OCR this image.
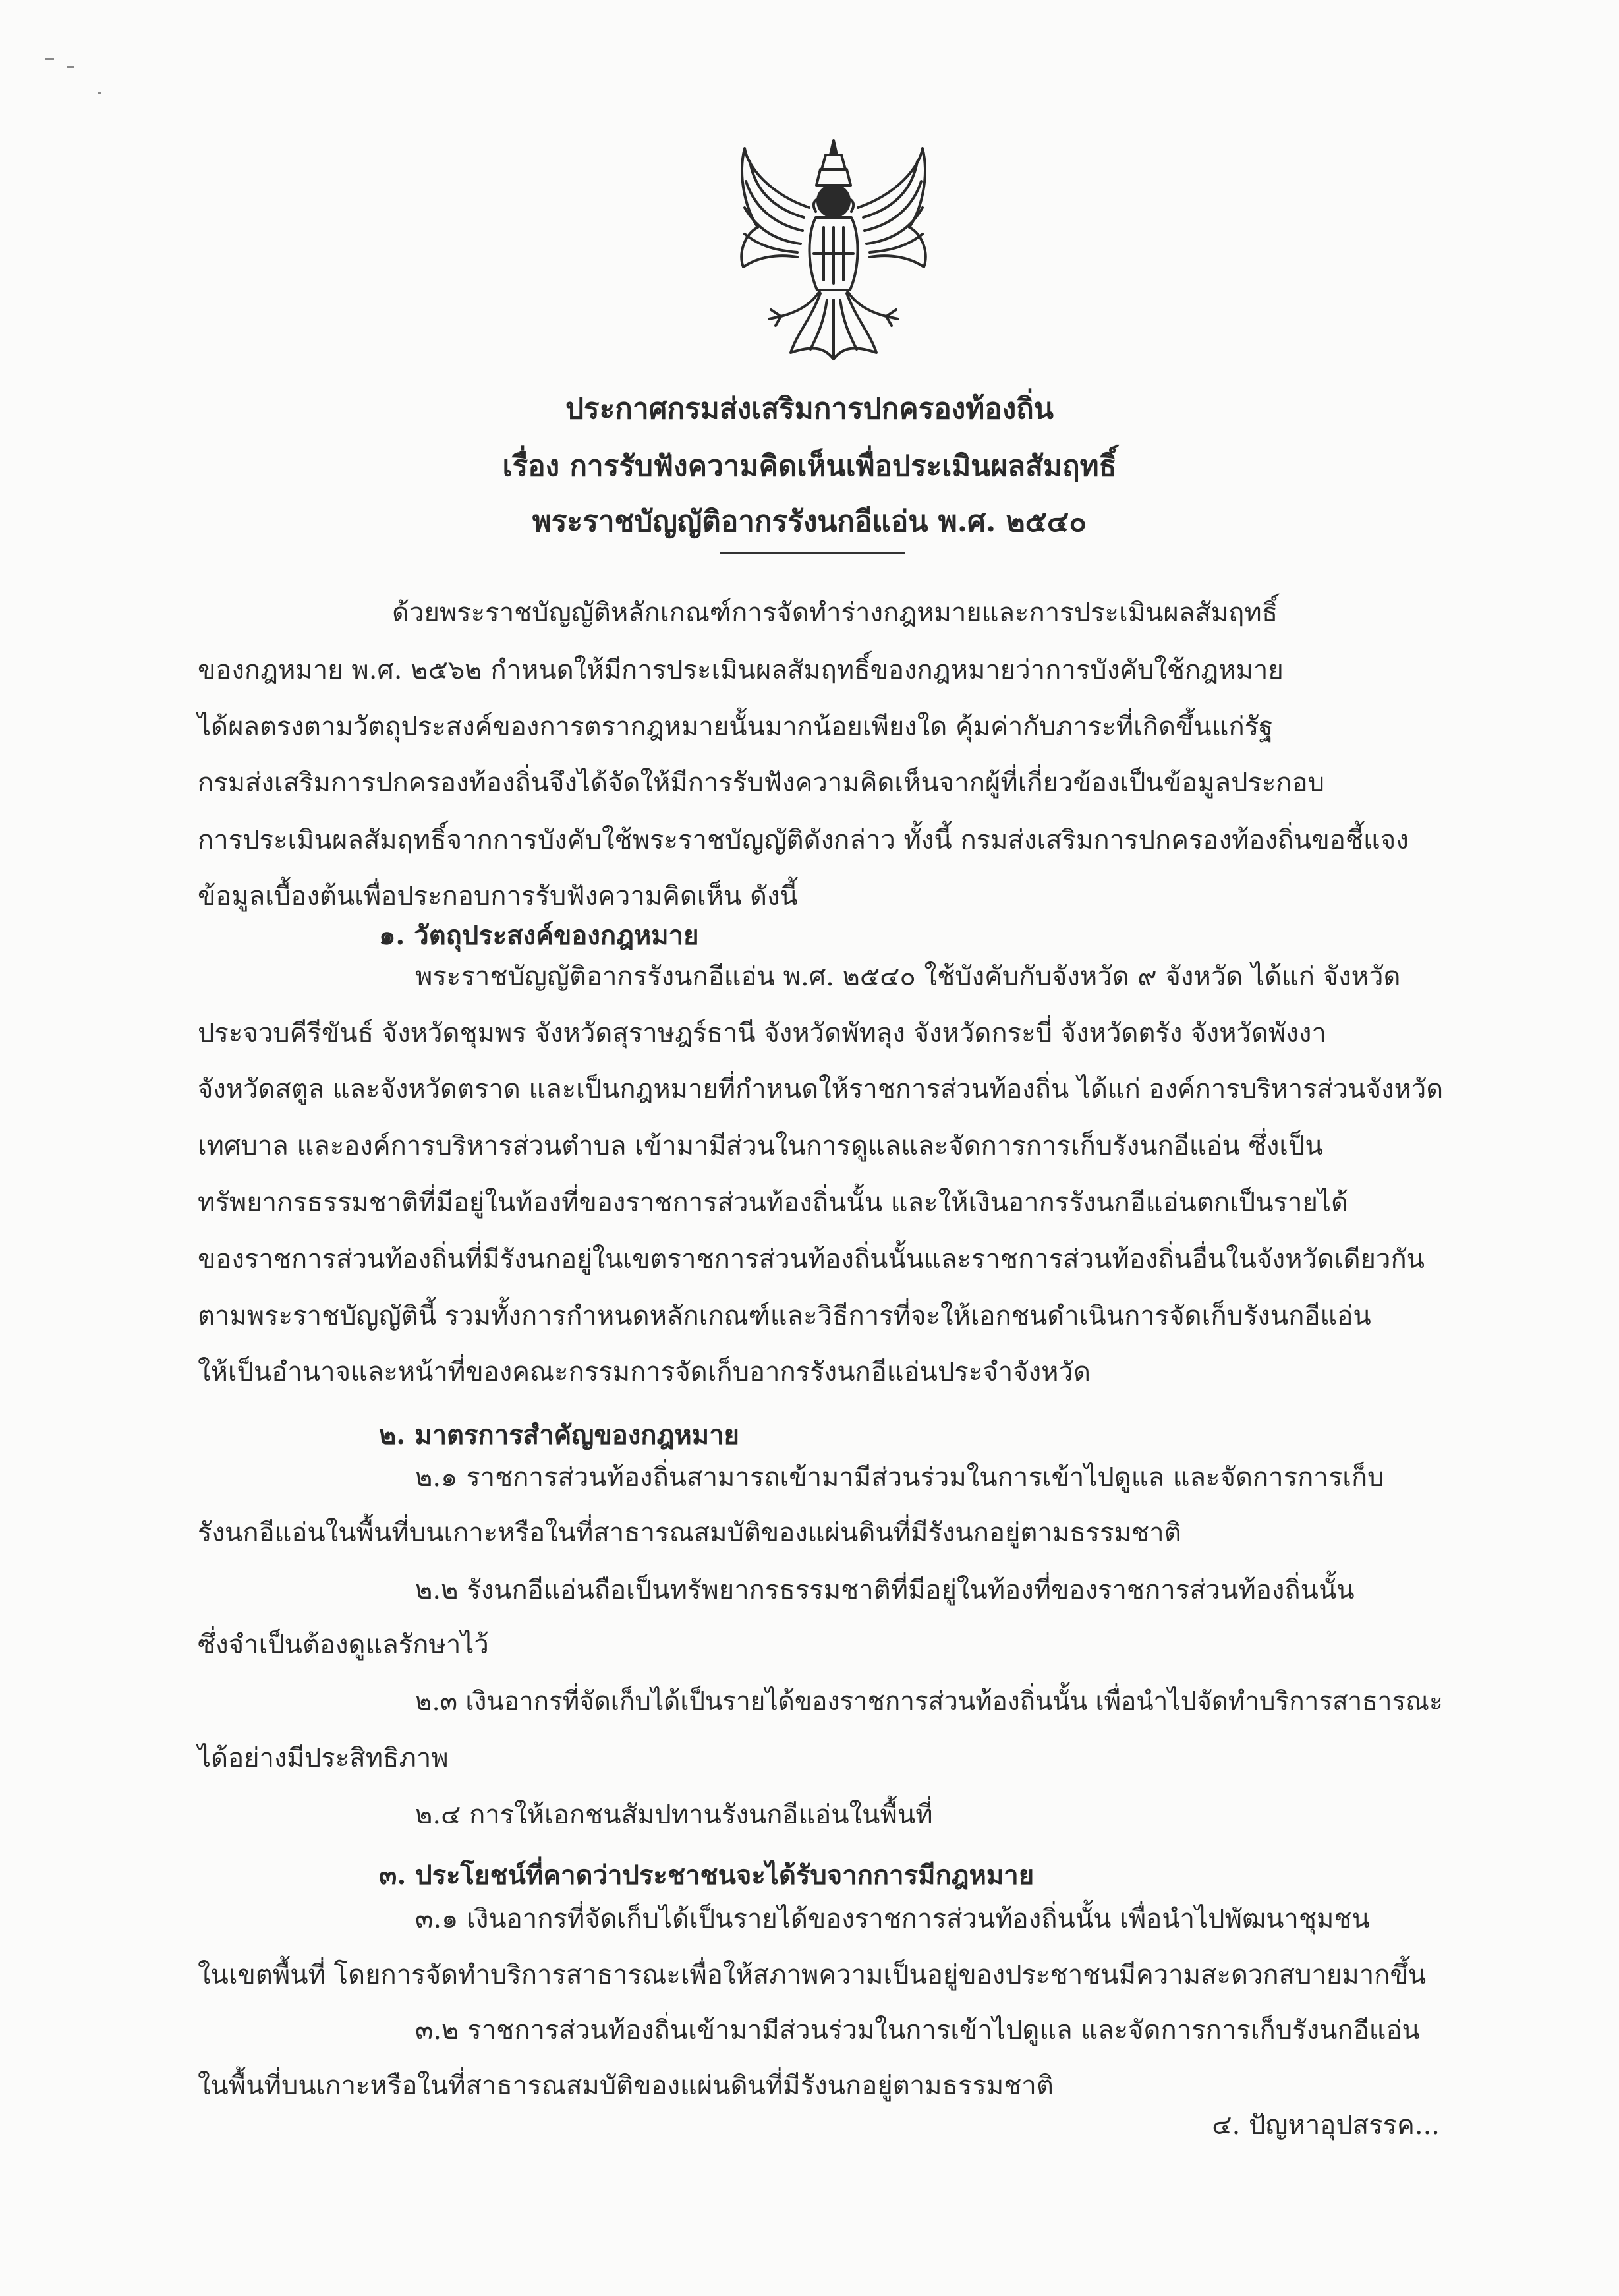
ประกาศกรมส่งเสริมการปกครองท้องถิ่น
เรื่อง การรับฟังความคิดเห็นเพื่อประเมินผลสัมฤทธิ์
พระราชบัญญัติอากรรังนกอีแอ่น พ.ศ. ๒๕๔๐
ด้วยพระราชบัญญัติหลักเกณฑ์การจัดทำร่างกฎหมายและการประเมินผลสัมฤทธิ์
ของกฎหมาย พ.ศ. ๒๕๖๒ กำหนดให้มีการประเมินผลสัมฤทธิ์ของกฎหมายว่าการบังคับใช้กฎหมาย
ได้ผลตรงตามวัตถุประสงค์ของการตรากฎหมายนั้นมากน้อยเพียงใด คุ้มค่ากับภาระที่เกิดขึ้นแก่รัฐ
กรมส่งเสริมการปกครองท้องถิ่นจึงได้จัดให้มีการรับฟังความคิดเห็นจากผู้ที่เกี่ยวข้องเป็นข้อมูลประกอบ
การประเมินผลสัมฤทธิ์จากการบังคับใช้พระราชบัญญัติดังกล่าว ทั้งนี้ กรมส่งเสริมการปกครองท้องถิ่นขอชี้แจง
ข้อมูลเบื้องต้นเพื่อประกอบการรับฟังความคิดเห็น ดังนี้
๑. วัตถุประสงค์ของกฎหมาย
พระราชบัญญัติอากรรังนกอีแอ่น พ.ศ. ๒๕๔๐ ใช้บังคับกับจังหวัด ๙ จังหวัด ได้แก่ จังหวัด
ประจวบคีรีขันธ์ จังหวัดชุมพร จังหวัดสุราษฎร์ธานี จังหวัดพัทลุง จังหวัดกระบี่ จังหวัดตรัง จังหวัดพังงา
จังหวัดสตูล และจังหวัดตราด และเป็นกฎหมายที่กำหนดให้ราชการส่วนท้องถิ่น ได้แก่ องค์การบริหารส่วนจังหวัด
เทศบาล และองค์การบริหารส่วนตำบล เข้ามามีส่วนในการดูแลและจัดการการเก็บรังนกอีแอ่น ซึ่งเป็น
ทรัพยากรธรรมชาติที่มีอยู่ในท้องที่ของราชการส่วนท้องถิ่นนั้น และให้เงินอากรรังนกอีแอ่นตกเป็นรายได้
ของราชการส่วนท้องถิ่นที่มีรังนกอยู่ในเขตราชการส่วนท้องถิ่นนั้นและราชการส่วนท้องถิ่นอื่นในจังหวัดเดียวกัน
ตามพระราชบัญญัตินี้ รวมทั้งการกำหนดหลักเกณฑ์และวิธีการที่จะให้เอกชนดำเนินการจัดเก็บรังนกอีแอ่น
ให้เป็นอำนาจและหน้าที่ของคณะกรรมการจัดเก็บอากรรังนกอีแอ่นประจำจังหวัด
๒. มาตรการสำคัญของกฎหมาย
๒.๑ ราชการส่วนท้องถิ่นสามารถเข้ามามีส่วนร่วมในการเข้าไปดูแล และจัดการการเก็บ
รังนกอีแอ่นในพื้นที่บนเกาะหรือในที่สาธารณสมบัติของแผ่นดินที่มีรังนกอยู่ตามธรรมชาติ
๒.๒ รังนกอีแอ่นถือเป็นทรัพยากรธรรมชาติที่มีอยู่ในท้องที่ของราชการส่วนท้องถิ่นนั้น
ซึ่งจำเป็นต้องดูแลรักษาไว้
๒.๓ เงินอากรที่จัดเก็บได้เป็นรายได้ของราชการส่วนท้องถิ่นนั้น เพื่อนำไปจัดทำบริการสาธารณะ
ได้อย่างมีประสิทธิภาพ
๒.๔ การให้เอกชนสัมปทานรังนกอีแอ่นในพื้นที่
๓. ประโยชน์ที่คาดว่าประชาชนจะได้รับจากการมีกฎหมาย
๓.๑ เงินอากรที่จัดเก็บได้เป็นรายได้ของราชการส่วนท้องถิ่นนั้น เพื่อนำไปพัฒนาชุมชน
ในเขตพื้นที่ โดยการจัดทำบริการสาธารณะเพื่อให้สภาพความเป็นอยู่ของประชาชนมีความสะดวกสบายมากขึ้น
๓.๒ ราชการส่วนท้องถิ่นเข้ามามีส่วนร่วมในการเข้าไปดูแล และจัดการการเก็บรังนกอีแอ่น
ในพื้นที่บนเกาะหรือในที่สาธารณสมบัติของแผ่นดินที่มีรังนกอยู่ตามธรรมชาติ
๔. ปัญหาอุปสรรค...
